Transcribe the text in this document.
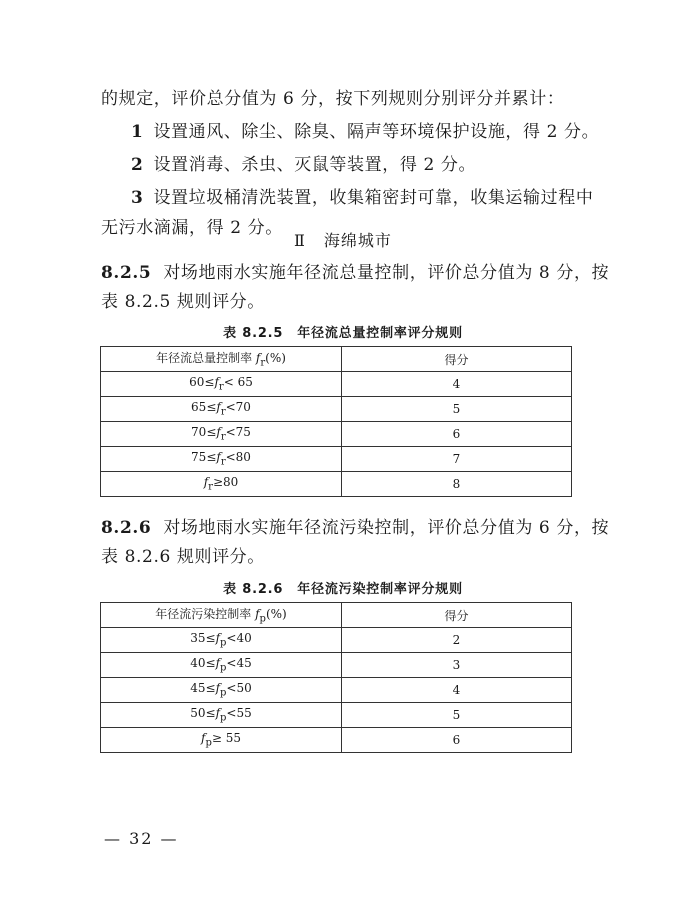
的规定，评价总分值为 6 分，按下列规则分别评分并累计：
1 设置通风、除尘、除臭、隔声等环境保护设施，得 2 分。
2 设置消毒、杀虫、灭鼠等装置，得 2 分。
3 设置垃圾桶清洗装置，收集箱密封可靠，收集运输过程中
无污水滴漏，得 2 分。
Ⅱ 海绵城市
8.2.5 对场地雨水实施年径流总量控制，评价总分值为 8 分，按
表 8.2.5 规则评分。
表 8.2.5 年径流总量控制率评分规则
年径流总量控制率 $f_r(\%)$	得分
$60\le f_r< 65$	4
$65\le f_r<70$	5
$70\le f_r<75$	6
$75\le f_r<80$	7
$f_r\ge 80$	8
8.2.6 对场地雨水实施年径流污染控制，评价总分值为 6 分，按
表 8.2.6 规则评分。
表 8.2.6 年径流污染控制率评分规则
年径流污染控制率 $f_p(\%)$	得分
$35\le f_p<40$	2
$40\le f_p<45$	3
$45\le f_p<50$	4
$50\le f_p<55$	5
$f_p\ge 55$	6
— 32 —
